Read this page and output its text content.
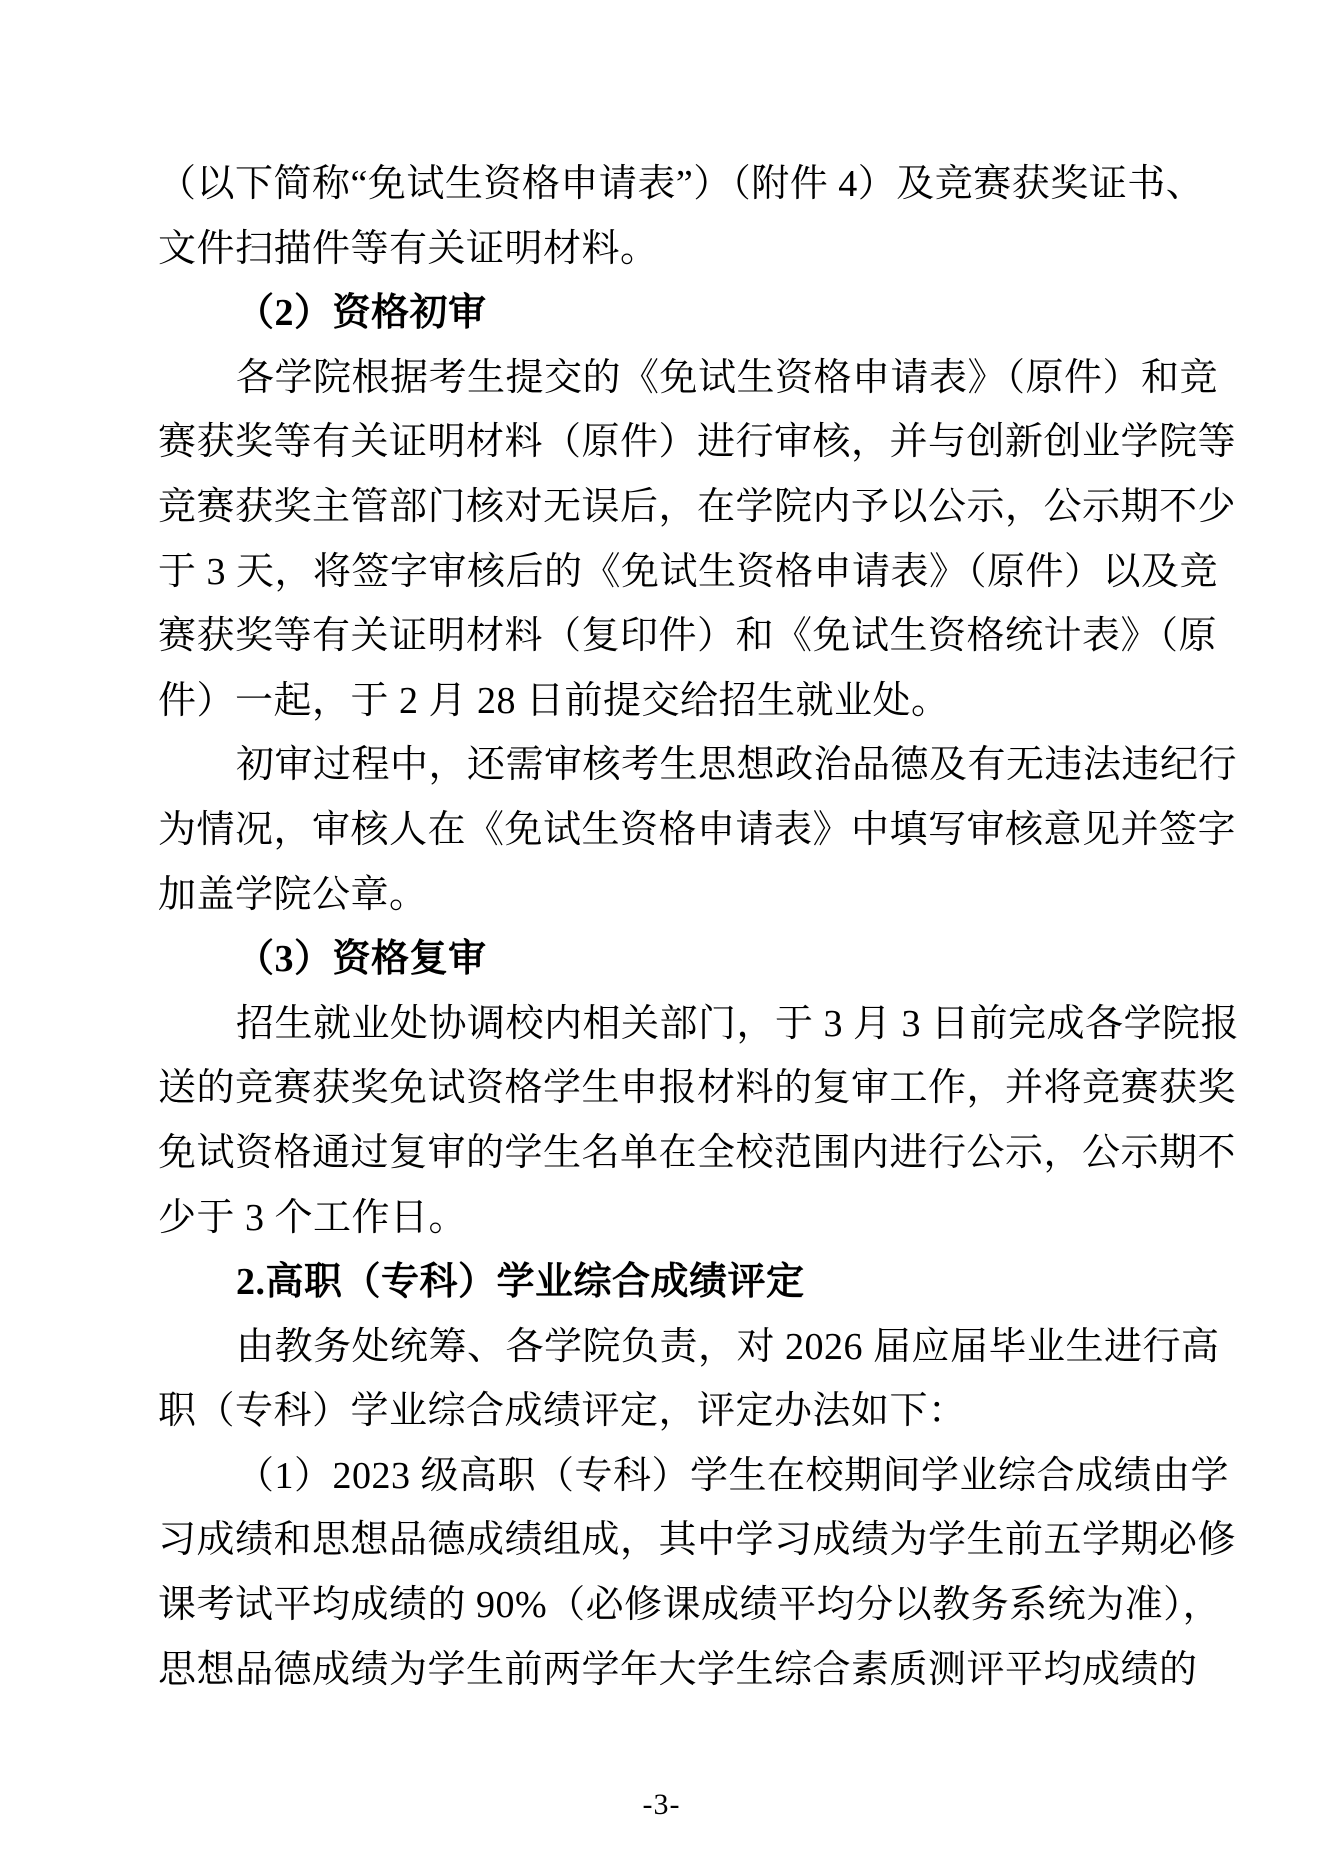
（以下简称“免试生资格申请表”）（附件 4）及竞赛获奖证书、
文件扫描件等有关证明材料。
（2）资格初审
各学院根据考生提交的《免试生资格申请表》（原件）和竞
赛获奖等有关证明材料（原件）进行审核，并与创新创业学院等
竞赛获奖主管部门核对无误后，在学院内予以公示，公示期不少
于 3 天，将签字审核后的《免试生资格申请表》（原件）以及竞
赛获奖等有关证明材料（复印件）和《免试生资格统计表》（原
件）一起，于 2 月 28 日前提交给招生就业处。
初审过程中，还需审核考生思想政治品德及有无违法违纪行
为情况，审核人在《免试生资格申请表》中填写审核意见并签字
加盖学院公章。
（3）资格复审
招生就业处协调校内相关部门，于 3 月 3 日前完成各学院报
送的竞赛获奖免试资格学生申报材料的复审工作，并将竞赛获奖
免试资格通过复审的学生名单在全校范围内进行公示，公示期不
少于 3 个工作日。
2.高职（专科）学业综合成绩评定
由教务处统筹、各学院负责，对 2026 届应届毕业生进行高
职（专科）学业综合成绩评定，评定办法如下：
（1）2023 级高职（专科）学生在校期间学业综合成绩由学
习成绩和思想品德成绩组成，其中学习成绩为学生前五学期必修
课考试平均成绩的 90%（必修课成绩平均分以教务系统为准），
思想品德成绩为学生前两学年大学生综合素质测评平均成绩的
-3-
